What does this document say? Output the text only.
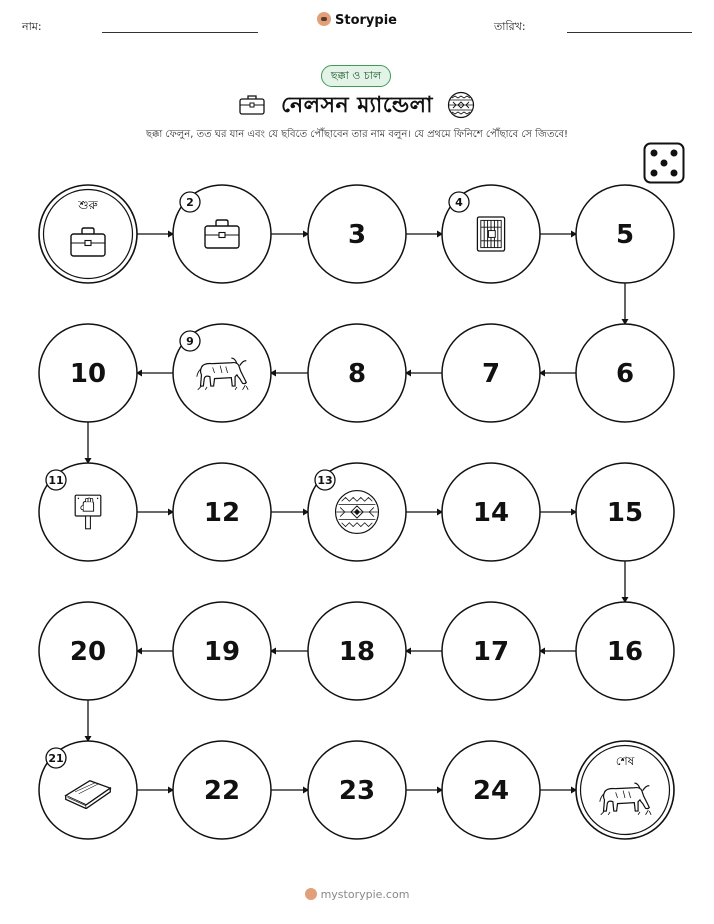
নাম:	Storypie	তারিখ:
ছক্কা ও চাল
নেলসন ম্যান্ডেলা
ছক্কা ফেলুন, তত ঘর যান এবং যে ছবিতে পৌঁছাবেন তার নাম বলুন। যে প্রথমে ফিনিশে পৌঁছাবে সে জিতবে!
শুরু	2
3
4
5
10
9
8	7	6
11
12
13
14	15
20	19	18	17	16
21
22	23	24
শেষ
mystorypie.com
